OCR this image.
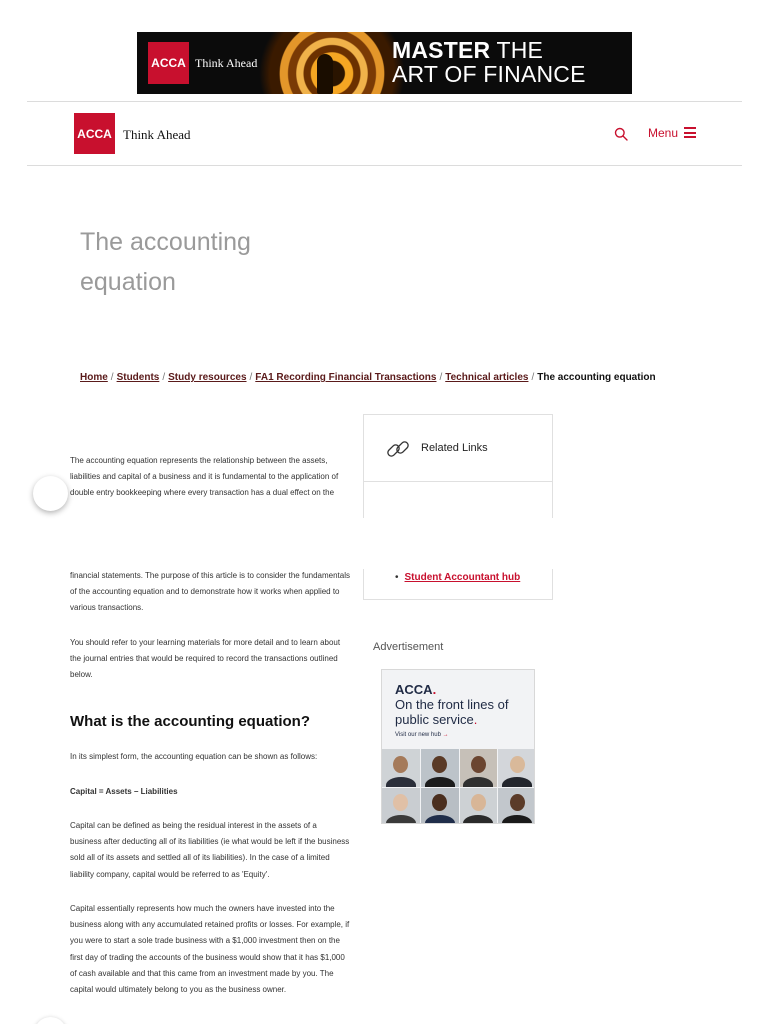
ACCA Think Ahead	MASTER THE
ART OF FINANCE
ACCA Think Ahead	Menu
The accounting equation
Home / Students / Study resources / FA1 Recording Financial Transactions / Technical articles / The accounting equation

The accounting equation represents the relationship between the assets, liabilities and capital of a business and it is fundamental to the application of double entry bookkeeping where every transaction has a dual effect on the

financial statements. The purpose of this article is to consider the fundamentals of the accounting equation and to demonstrate how it works when applied to various transactions.

You should refer to your learning materials for more detail and to learn about the journal entries that would be required to record the transactions outlined below.

What is the accounting equation?

In its simplest form, the accounting equation can be shown as follows:

Capital = Assets – Liabilities

Capital can be defined as being the residual interest in the assets of a business after deducting all of its liabilities (ie what would be left if the business sold all of its assets and settled all of its liabilities). In the case of a limited liability company, capital would be referred to as 'Equity'.

Capital essentially represents how much the owners have invested into the business along with any accumulated retained profits or losses. For example, if you were to start a sole trade business with a $1,000 investment then on the first day of trading the accounts of the business would show that it has $1,000 of cash available and that this came from an investment made by you. The capital would ultimately belong to you as the business owner.

Related Links
• Student Accountant hub
Advertisement
ACCA.
On the front lines of public service.
Visit our new hub →
